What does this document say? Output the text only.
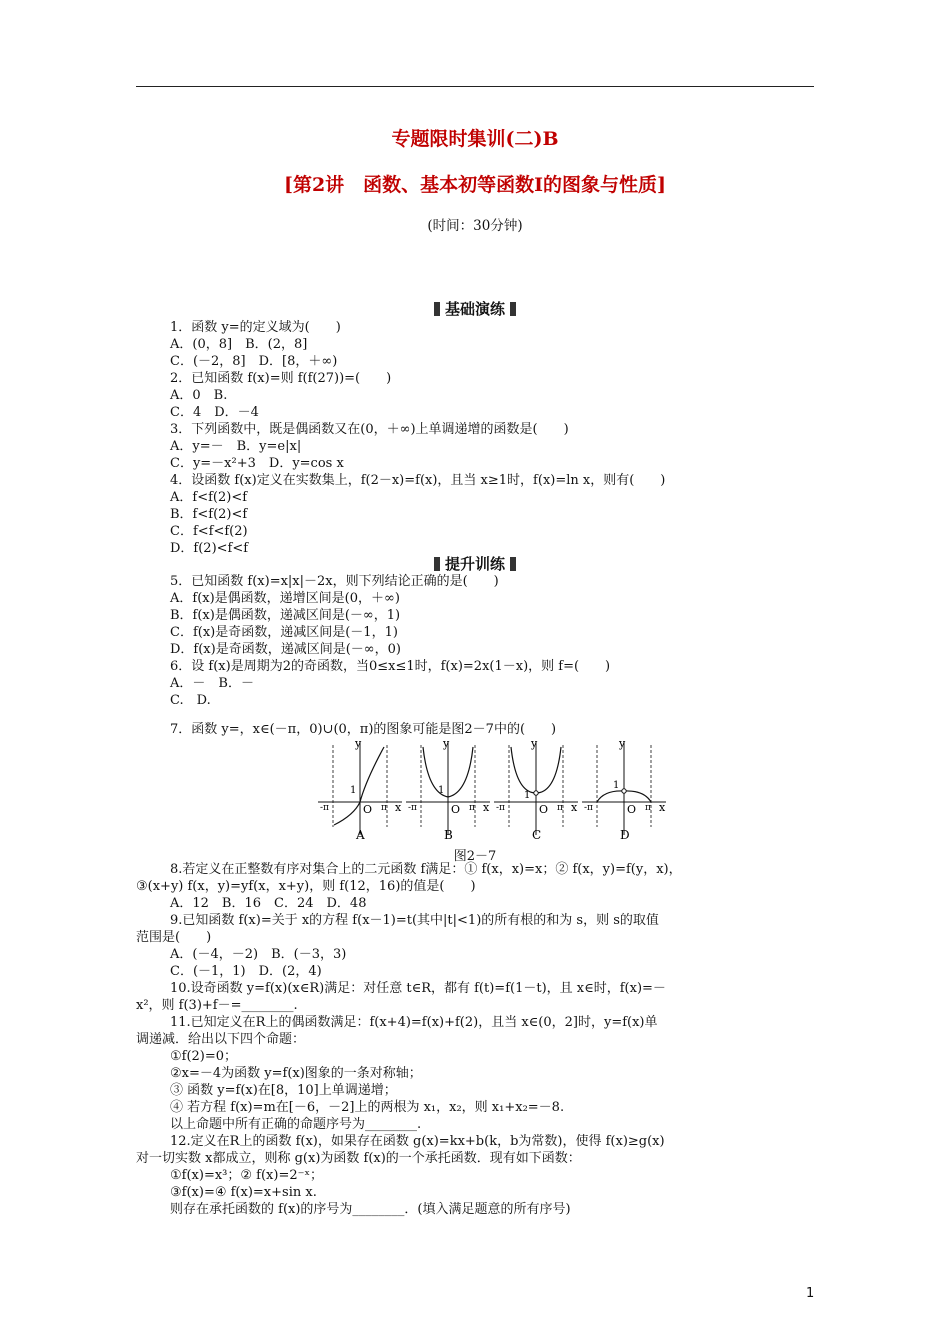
专题限时集训(二)B
[第2讲　函数、基本初等函数Ⅰ的图象与性质]
(时间：30分钟)
基础演练
1．函数 y=的定义域为(　　)
A．(0，8]　B．(2，8]
C．(－2，8]　D．[8，＋∞)
2．已知函数 f(x)=则 f(f(27))=(　　)
A．0　B.
C．4　D．－4
3．下列函数中，既是偶函数又在(0，＋∞)上单调递增的函数是(　　)
A．y=－　B．y=e|x|
C．y=－x²+3　D．y=cos x
4．设函数 f(x)定义在实数集上，f(2－x)=f(x)，且当 x≥1时，f(x)=ln x，则有(　　)
A．f<f(2)<f
B．f<f(2)<f
C．f<f<f(2)
D．f(2)<f<f
提升训练
5．已知函数 f(x)=x|x|－2x，则下列结论正确的是(　　)
A．f(x)是偶函数，递增区间是(0，＋∞)
B．f(x)是偶函数，递减区间是(－∞，1)
C．f(x)是奇函数，递减区间是(－1，1)
D．f(x)是奇函数，递减区间是(－∞，0)
6．设 f(x)是周期为2的奇函数，当0≤x≤1时，f(x)=2x(1－x)，则 f=(　　)
A．－　B．－
C.　D.
7．函数 y=，x∈(－π，0)∪(0，π)的图象可能是图2－7中的(　　)
y
x
O
1
-π	π
A
y
x
O
1
-π	π
B
y
x
O
1
-π	π
C
y
x
O
1
-π	π
D
图2－7
8.若定义在正整数有序对集合上的二元函数 f满足：① f(x，x)=x；② f(x，y)=f(y，x)，
③(x+y) f(x，y)=yf(x，x+y)，则 f(12，16)的值是(　　)
A．12　B．16　C．24　D．48
9.已知函数 f(x)=关于 x的方程 f(x－1)=t(其中|t|<1)的所有根的和为 s，则 s的取值
范围是(　　)
A．(－4，－2)　B．(－3，3)
C．(－1，1)　D．(2，4)
10.设奇函数 y=f(x)(x∈R)满足：对任意 t∈R，都有 f(t)=f(1－t)，且 x∈时，f(x)=－
x²，则 f(3)+f－=________.
11.已知定义在R上的偶函数满足：f(x+4)=f(x)+f(2)，且当 x∈(0，2]时，y=f(x)单
调递减．给出以下四个命题：
①f(2)=0；
②x=－4为函数 y=f(x)图象的一条对称轴；
③ 函数 y=f(x)在[8，10]上单调递增；
④ 若方程 f(x)=m在[－6，－2]上的两根为 x₁，x₂，则 x₁+x₂=－8.
以上命题中所有正确的命题序号为________.
12.定义在R上的函数 f(x)，如果存在函数 g(x)=kx+b(k，b为常数)，使得 f(x)≥g(x)
对一切实数 x都成立，则称 g(x)为函数 f(x)的一个承托函数．现有如下函数：
①f(x)=x³；② f(x)=2⁻ˣ；
③f(x)=④ f(x)=x+sin x.
则存在承托函数的 f(x)的序号为________．(填入满足题意的所有序号)
1
